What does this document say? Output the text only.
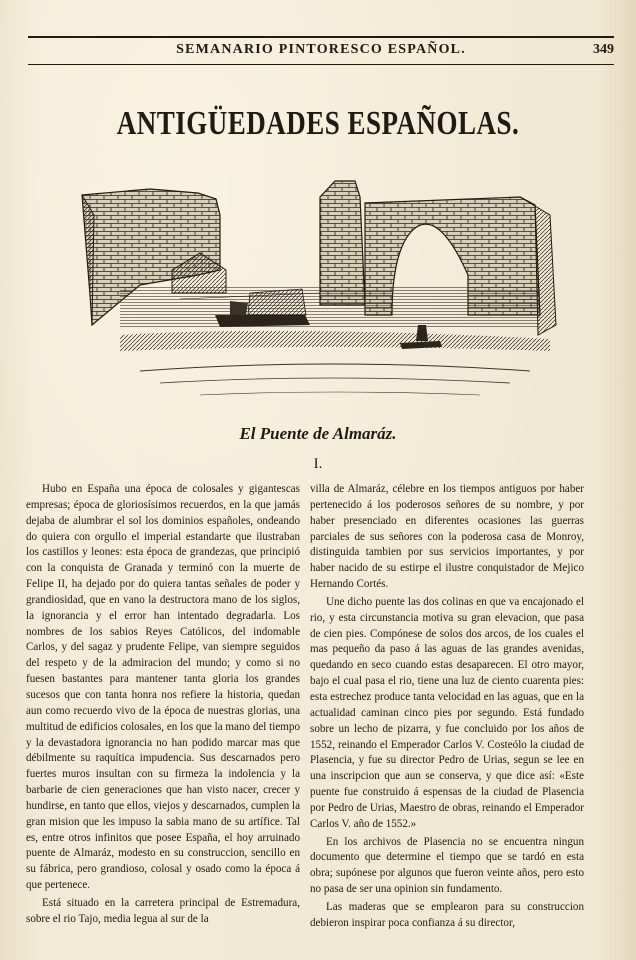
SEMANARIO PINTORESCO ESPAÑOL.	349
ANTIGÜEDADES ESPAÑOLAS.
El Puente de Almaráz.
I.

Hubo en España una época de colosales y gigantescas empresas; época de gloriosísimos recuerdos, en la que jamás dejaba de alumbrar el sol los dominios españoles, ondeando do quiera con orgullo el imperial estandarte que ilustraban los castillos y leones: esta época de grandezas, que principió con la conquista de Granada y terminó con la muerte de Felipe II, ha dejado por do quiera tantas señales de poder y grandiosidad, que en vano la destructora mano de los siglos, la ignorancia y el error han intentado degradarla. Los nombres de los sabios Reyes Católicos, del indomable Carlos, y del sagaz y prudente Felipe, van siempre seguidos del respeto y de la admiracion del mundo; y como si no fuesen bastantes para mantener tanta gloria los grandes sucesos que con tanta honra nos refiere la historia, quedan aun como recuerdo vivo de la época de nuestras glorias, una multitud de edificios colosales, en los que la mano del tiempo y la devastadora ignorancia no han podido marcar mas que débilmente su raquítica impudencia. Sus descarnados pero fuertes muros insultan con su firmeza la indolencia y la barbarie de cien generaciones que han visto nacer, crecer y hundirse, en tanto que ellos, viejos y descarnados, cumplen la gran mision que les impuso la sabia mano de su artífice. Tal es, entre otros infinitos que posee España, el hoy arruinado puente de Almaráz, modesto en su construccion, sencillo en su fábrica, pero grandioso, colosal y osado como la época á que pertenece.

Está situado en la carretera principal de Estremadura, sobre el rio Tajo, media legua al sur de la

villa de Almaráz, célebre en los tiempos antiguos por haber pertenecido á los poderosos señores de su nombre, y por haber presenciado en diferentes ocasiones las guerras parciales de sus señores con la poderosa casa de Monroy, distinguida tambien por sus servicios importantes, y por haber nacido de su estirpe el ilustre conquistador de Mejico Hernando Cortés.

Une dicho puente las dos colinas en que va encajonado el rio, y esta circunstancia motiva su gran elevacion, que pasa de cien pies. Compónese de solos dos arcos, de los cuales el mas pequeño da paso á las aguas de las grandes avenidas, quedando en seco cuando estas desaparecen. El otro mayor, bajo el cual pasa el rio, tiene una luz de ciento cuarenta pies: esta estrechez produce tanta velocidad en las aguas, que en la actualidad caminan cinco pies por segundo. Está fundado sobre un lecho de pizarra, y fue concluido por los años de 1552, reinando el Emperador Carlos V. Costeólo la ciudad de Plasencia, y fue su director Pedro de Urias, segun se lee en una inscripcion que aun se conserva, y que dice así: «Este puente fue construido á espensas de la ciudad de Plasencia por Pedro de Urias, Maestro de obras, reinando el Emperador Carlos V. año de 1552.»

En los archivos de Plasencia no se encuentra ningun documento que determine el tiempo que se tardó en esta obra; supónese por algunos que fueron veinte años, pero esto no pasa de ser una opinion sin fundamento.

Las maderas que se emplearon para su construccion debieron inspirar poca confianza á su director,
